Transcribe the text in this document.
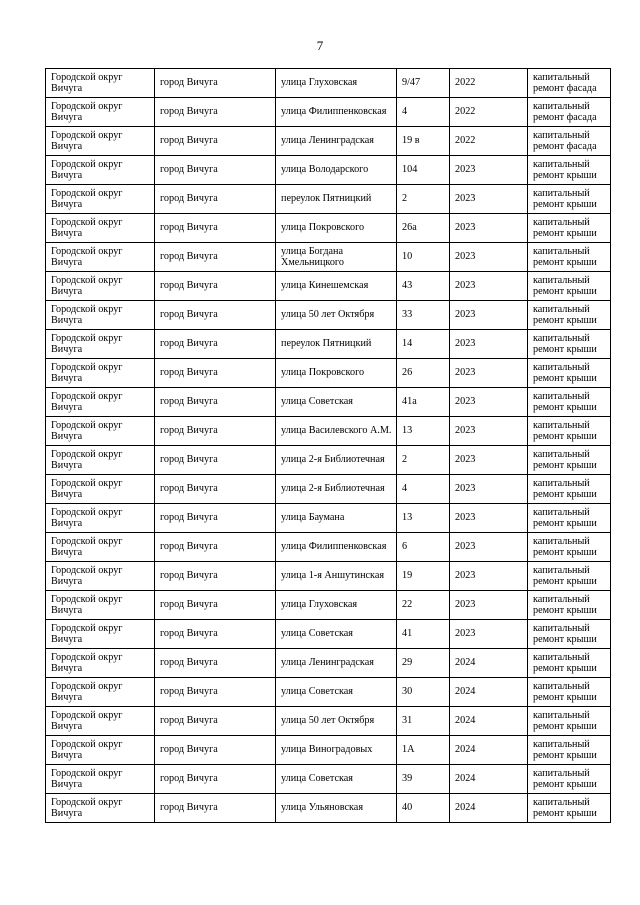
7
Городской округ Вичуга	город Вичуга	улица Глуховская	9/47	2022	капитальный ремонт фасада
Городской округ Вичуга	город Вичуга	улица Филиппенковская	4	2022	капитальный ремонт фасада
Городской округ Вичуга	город Вичуга	улица Ленинградская	19 в	2022	капитальный ремонт фасада
Городской округ Вичуга	город Вичуга	улица Володарского	104	2023	капитальный ремонт крыши
Городской округ Вичуга	город Вичуга	переулок Пятницкий	2	2023	капитальный ремонт крыши
Городской округ Вичуга	город Вичуга	улица Покровского	26а	2023	капитальный ремонт крыши
Городской округ Вичуга	город Вичуга	улица Богдана Хмельницкого	10	2023	капитальный ремонт крыши
Городской округ Вичуга	город Вичуга	улица Кинешемская	43	2023	капитальный ремонт крыши
Городской округ Вичуга	город Вичуга	улица 50 лет Октября	33	2023	капитальный ремонт крыши
Городской округ Вичуга	город Вичуга	переулок Пятницкий	14	2023	капитальный ремонт крыши
Городской округ Вичуга	город Вичуга	улица Покровского	26	2023	капитальный ремонт крыши
Городской округ Вичуга	город Вичуга	улица Советская	41а	2023	капитальный ремонт крыши
Городской округ Вичуга	город Вичуга	улица Василевского А.М.	13	2023	капитальный ремонт крыши
Городской округ Вичуга	город Вичуга	улица 2-я Библиотечная	2	2023	капитальный ремонт крыши
Городской округ Вичуга	город Вичуга	улица 2-я Библиотечная	4	2023	капитальный ремонт крыши
Городской округ Вичуга	город Вичуга	улица Баумана	13	2023	капитальный ремонт крыши
Городской округ Вичуга	город Вичуга	улица Филиппенковская	6	2023	капитальный ремонт крыши
Городской округ Вичуга	город Вичуга	улица 1-я Аншутинская	19	2023	капитальный ремонт крыши
Городской округ Вичуга	город Вичуга	улица Глуховская	22	2023	капитальный ремонт крыши
Городской округ Вичуга	город Вичуга	улица Советская	41	2023	капитальный ремонт крыши
Городской округ Вичуга	город Вичуга	улица Ленинградская	29	2024	капитальный ремонт крыши
Городской округ Вичуга	город Вичуга	улица Советская	30	2024	капитальный ремонт крыши
Городской округ Вичуга	город Вичуга	улица 50 лет Октября	31	2024	капитальный ремонт крыши
Городской округ Вичуга	город Вичуга	улица Виноградовых	1А	2024	капитальный ремонт крыши
Городской округ Вичуга	город Вичуга	улица Советская	39	2024	капитальный ремонт крыши
Городской округ Вичуга	город Вичуга	улица Ульяновская	40	2024	капитальный ремонт крыши
